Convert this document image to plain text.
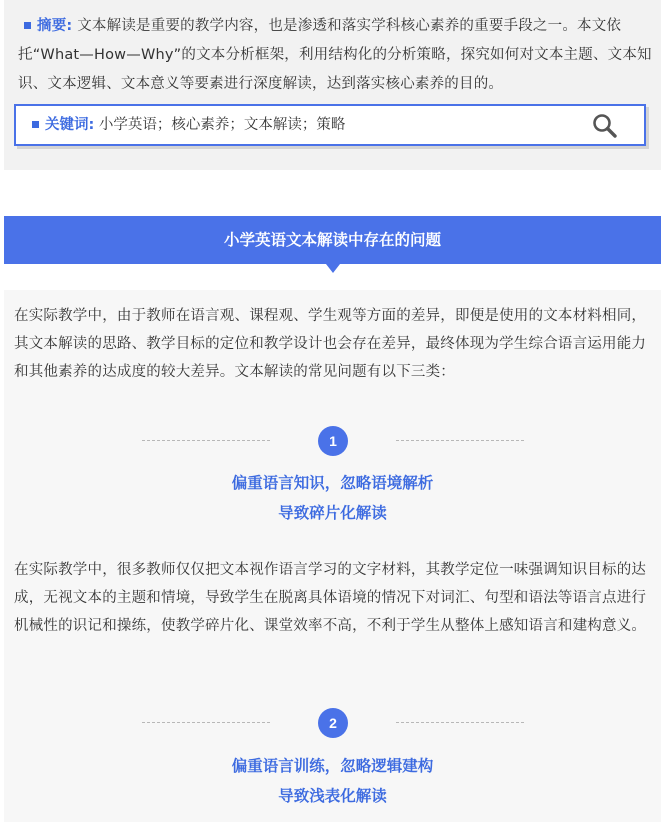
摘要: 文本解读是重要的教学内容，也是渗透和落实学科核心素养的重要手段之一。本文依托“What—How—Why”的文本分析框架，利用结构化的分析策略，探究如何对文本主题、文本知识、文本逻辑、文本意义等要素进行深度解读，达到落实核心素养的目的。
关键词: 小学英语；核心素养；文本解读；策略
小学英语文本解读中存在的问题
在实际教学中，由于教师在语言观、课程观、学生观等方面的差异，即便是使用的文本材料相同，其文本解读的思路、教学目标的定位和教学设计也会存在差异，最终体现为学生综合语言运用能力和其他素养的达成度的较大差异。文本解读的常见问题有以下三类：
1
偏重语言知识，忽略语境解析
导致碎片化解读
在实际教学中，很多教师仅仅把文本视作语言学习的文字材料，其教学定位一味强调知识目标的达成，无视文本的主题和情境，导致学生在脱离具体语境的情况下对词汇、句型和语法等语言点进行机械性的识记和操练，使教学碎片化、课堂效率不高，不利于学生从整体上感知语言和建构意义。
2
偏重语言训练，忽略逻辑建构
导致浅表化解读
